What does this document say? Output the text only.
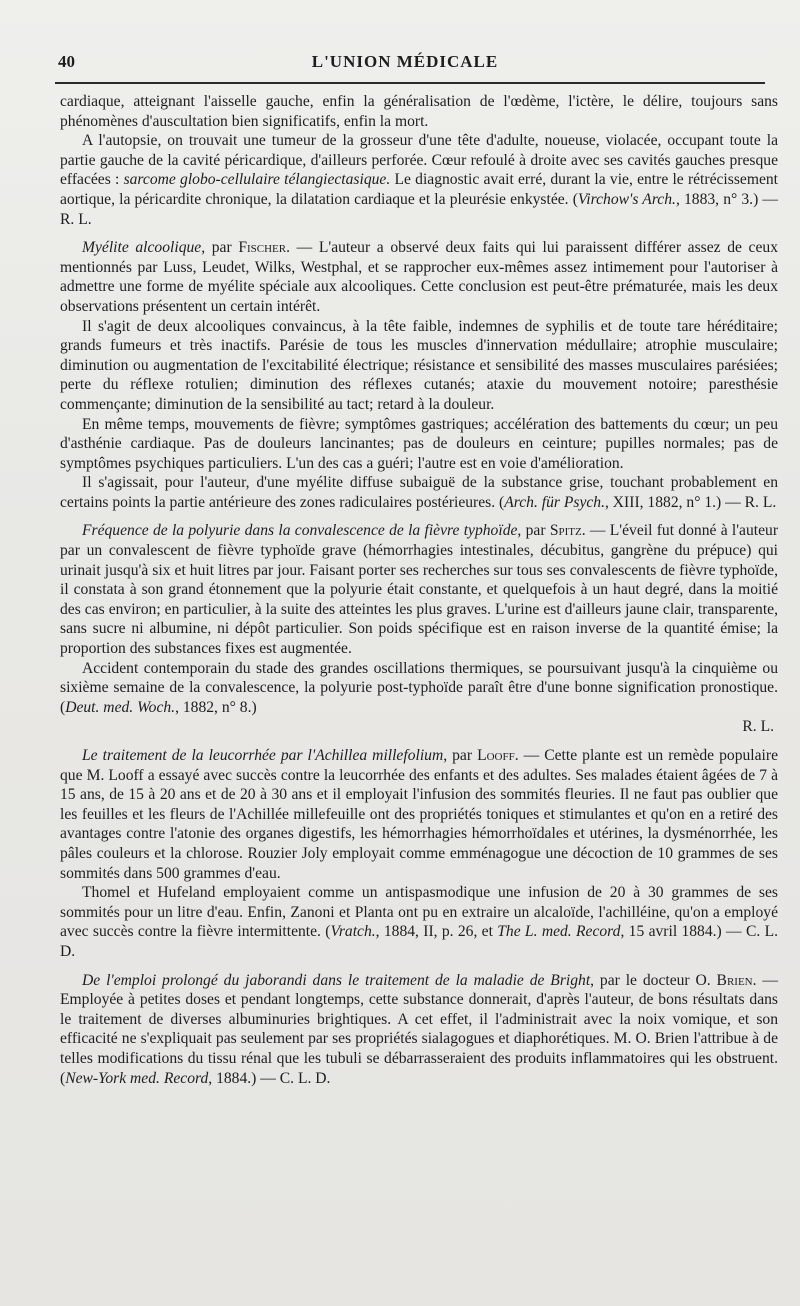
40	L'UNION MÉDICALE

cardiaque, atteignant l'aisselle gauche, enfin la généralisation de l'œdème, l'ictère, le délire, toujours sans phénomènes d'auscultation bien significatifs, enfin la mort.

A l'autopsie, on trouvait une tumeur de la grosseur d'une tête d'adulte, noueuse, violacée, occupant toute la partie gauche de la cavité péricardique, d'ailleurs perforée. Cœur refoulé à droite avec ses cavités gauches presque effacées : sarcome globo-cellulaire télangiectasique. Le diagnostic avait erré, durant la vie, entre le rétrécissement aortique, la péricardite chronique, la dilatation cardiaque et la pleurésie enkystée. (Virchow's Arch., 1883, n° 3.) — R. L.

Myélite alcoolique, par Fischer. — L'auteur a observé deux faits qui lui paraissent différer assez de ceux mentionnés par Luss, Leudet, Wilks, Westphal, et se rapprocher eux-mêmes assez intimement pour l'autoriser à admettre une forme de myélite spéciale aux alcooliques. Cette conclusion est peut-être prématurée, mais les deux observations présentent un certain intérêt.

Il s'agit de deux alcooliques convaincus, à la tête faible, indemnes de syphilis et de toute tare héréditaire; grands fumeurs et très inactifs. Parésie de tous les muscles d'innervation médullaire; atrophie musculaire; diminution ou augmentation de l'excitabilité électrique; résistance et sensibilité des masses musculaires parésiées; perte du réflexe rotulien; diminution des réflexes cutanés; ataxie du mouvement notoire; paresthésie commençante; diminution de la sensibilité au tact; retard à la douleur.

En même temps, mouvements de fièvre; symptômes gastriques; accélération des battements du cœur; un peu d'asthénie cardiaque. Pas de douleurs lancinantes; pas de douleurs en ceinture; pupilles normales; pas de symptômes psychiques particuliers. L'un des cas a guéri; l'autre est en voie d'amélioration.

Il s'agissait, pour l'auteur, d'une myélite diffuse subaiguë de la substance grise, touchant probablement en certains points la partie antérieure des zones radiculaires postérieures. (Arch. für Psych., XIII, 1882, n° 1.) — R. L.

Fréquence de la polyurie dans la convalescence de la fièvre typhoïde, par Spitz. — L'éveil fut donné à l'auteur par un convalescent de fièvre typhoïde grave (hémorrhagies intestinales, décubitus, gangrène du prépuce) qui urinait jusqu'à six et huit litres par jour. Faisant porter ses recherches sur tous ses convalescents de fièvre typhoïde, il constata à son grand étonnement que la polyurie était constante, et quelquefois à un haut degré, dans la moitié des cas environ; en particulier, à la suite des atteintes les plus graves. L'urine est d'ailleurs jaune clair, transparente, sans sucre ni albumine, ni dépôt particulier. Son poids spécifique est en raison inverse de la quantité émise; la proportion des substances fixes est augmentée.

Accident contemporain du stade des grandes oscillations thermiques, se poursuivant jusqu'à la cinquième ou sixième semaine de la convalescence, la polyurie post-typhoïde paraît être d'une bonne signification pronostique. (Deut. med. Woch., 1882, n° 8.)

R. L.

Le traitement de la leucorrhée par l'Achillea millefolium, par Looff. — Cette plante est un remède populaire que M. Looff a essayé avec succès contre la leucorrhée des enfants et des adultes. Ses malades étaient âgées de 7 à 15 ans, de 15 à 20 ans et de 20 à 30 ans et il employait l'infusion des sommités fleuries. Il ne faut pas oublier que les feuilles et les fleurs de l'Achillée millefeuille ont des propriétés toniques et stimulantes et qu'on en a retiré des avantages contre l'atonie des organes digestifs, les hémorrhagies hémorrhoïdales et utérines, la dysménorrhée, les pâles couleurs et la chlorose. Rouzier Joly employait comme emménagogue une décoction de 10 grammes de ses sommités dans 500 grammes d'eau.

Thomel et Hufeland employaient comme un antispasmodique une infusion de 20 à 30 grammes de ses sommités pour un litre d'eau. Enfin, Zanoni et Planta ont pu en extraire un alcaloïde, l'achilléine, qu'on a employé avec succès contre la fièvre intermittente. (Vratch., 1884, II, p. 26, et The L. med. Record, 15 avril 1884.) — C. L. D.

De l'emploi prolongé du jaborandi dans le traitement de la maladie de Bright, par le docteur O. Brien. — Employée à petites doses et pendant longtemps, cette substance donnerait, d'après l'auteur, de bons résultats dans le traitement de diverses albuminuries brightiques. A cet effet, il l'administrait avec la noix vomique, et son efficacité ne s'expliquait pas seulement par ses propriétés sialagogues et diaphorétiques. M. O. Brien l'attribue à de telles modifications du tissu rénal que les tubuli se débarrasseraient des produits inflammatoires qui les obstruent. (New-York med. Record, 1884.) — C. L. D.
